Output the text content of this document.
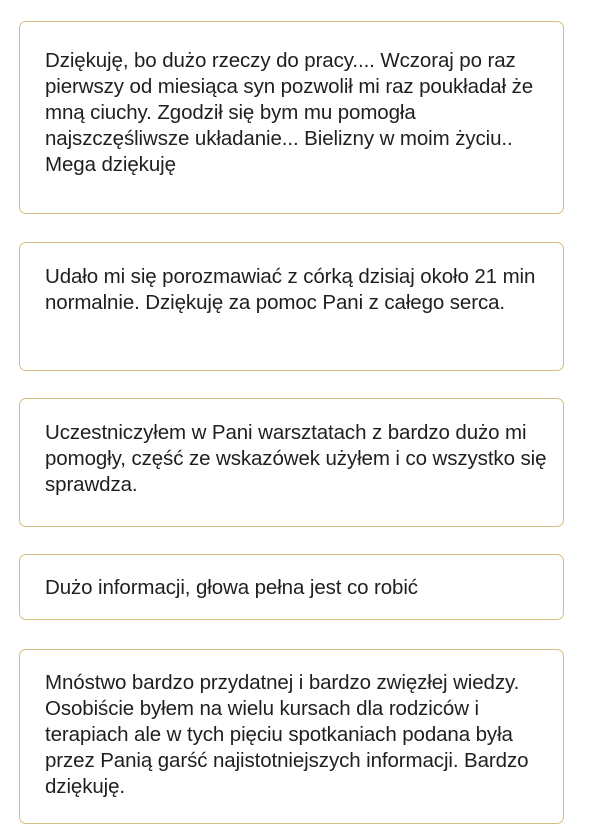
Dziękuję, bo dużo rzeczy do pracy.... Wczoraj po raz pierwszy od miesiąca syn pozwolił mi raz poukładał że mną ciuchy. Zgodził się bym mu pomogła najszczęśliwsze układanie... Bielizny w moim życiu.. Mega dziękuję

Udało mi się porozmawiać z córką dzisiaj około 21 min normalnie. Dziękuję za pomoc Pani z całego serca.

Uczestniczyłem w Pani warsztatach z bardzo dużo mi pomogły, część ze wskazówek użyłem i co wszystko się sprawdza.

Dużo informacji, głowa pełna jest co robić

Mnóstwo bardzo przydatnej i bardzo zwięzłej wiedzy. Osobiście byłem na wielu kursach dla rodziców i terapiach ale w tych pięciu spotkaniach podana była przez Panią garść najistotniejszych informacji. Bardzo dziękuję.
